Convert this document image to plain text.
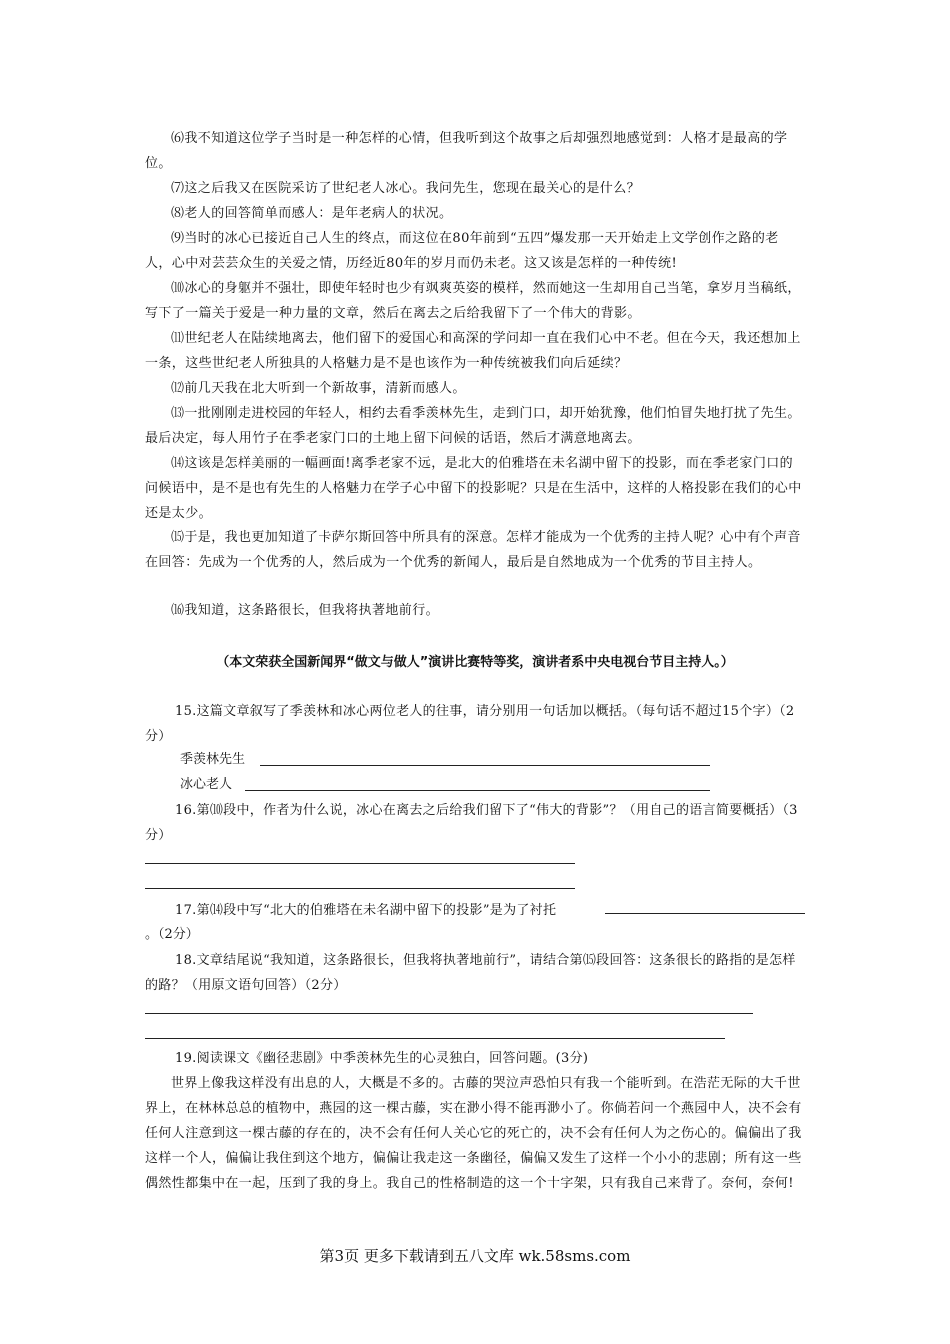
⑹我不知道这位学子当时是一种怎样的心情，但我听到这个故事之后却强烈地感觉到：人格才是最高的学位。

⑺这之后我又在医院采访了世纪老人冰心。我问先生，您现在最关心的是什么？

⑻老人的回答简单而感人：是年老病人的状况。

⑼当时的冰心已接近自己人生的终点，而这位在80年前到“五四”爆发那一天开始走上文学创作之路的老人，心中对芸芸众生的关爱之情，历经近80年的岁月而仍未老。这又该是怎样的一种传统!

⑽冰心的身躯并不强壮，即使年轻时也少有飒爽英姿的模样，然而她这一生却用自己当笔，拿岁月当稿纸，写下了一篇关于爱是一种力量的文章，然后在离去之后给我留下了一个伟大的背影。

⑾世纪老人在陆续地离去，他们留下的爱国心和高深的学问却一直在我们心中不老。但在今天，我还想加上一条，这些世纪老人所独具的人格魅力是不是也该作为一种传统被我们向后延续？

⑿前几天我在北大听到一个新故事，清新而感人。

⒀一批刚刚走进校园的年轻人，相约去看季羡林先生，走到门口，却开始犹豫，他们怕冒失地打扰了先生。最后决定，每人用竹子在季老家门口的土地上留下问候的话语，然后才满意地离去。

⒁这该是怎样美丽的一幅画面!离季老家不远，是北大的伯雅塔在未名湖中留下的投影，而在季老家门口的问候语中，是不是也有先生的人格魅力在学子心中留下的投影呢？只是在生活中，这样的人格投影在我们的心中还是太少。

⒂于是，我也更加知道了卡萨尔斯回答中所具有的深意。怎样才能成为一个优秀的主持人呢？心中有个声音在回答：先成为一个优秀的人，然后成为一个优秀的新闻人，最后是自然地成为一个优秀的节目主持人。

⒃我知道，这条路很长，但我将执著地前行。

（本文荣获全国新闻界“做文与做人”演讲比赛特等奖，演讲者系中央电视台节目主持人。）

15.这篇文章叙写了季羡林和冰心两位老人的往事，请分别用一句话加以概括。（每句话不超过15个字）（2分）

季羡林先生
冰心老人

16.第⑽段中，作者为什么说，冰心在离去之后给我们留下了“伟大的背影”？（用自己的语言简要概括）（3分）

17.第⒁段中写“北大的伯雅塔在未名湖中留下的投影”是为了衬托

。（2分）

18.文章结尾说“我知道，这条路很长，但我将执著地前行”，请结合第⒂段回答：这条很长的路指的是怎样的路？（用原文语句回答）（2分）

19.阅读课文《幽径悲剧》中季羡林先生的心灵独白，回答问题。(3分)

世界上像我这样没有出息的人，大概是不多的。古藤的哭泣声恐怕只有我一个能听到。在浩茫无际的大千世界上，在林林总总的植物中，燕园的这一棵古藤，实在渺小得不能再渺小了。你倘若问一个燕园中人，决不会有任何人注意到这一棵古藤的存在的，决不会有任何人关心它的死亡的，决不会有任何人为之伤心的。偏偏出了我这样一个人，偏偏让我住到这个地方，偏偏让我走这一条幽径，偏偏又发生了这样一个小小的悲剧；所有这一些偶然性都集中在一起，压到了我的身上。我自己的性格制造的这一个十字架，只有我自己来背了。奈何，奈何!

第3页 更多下载请到五八文库 wk.58sms.com
